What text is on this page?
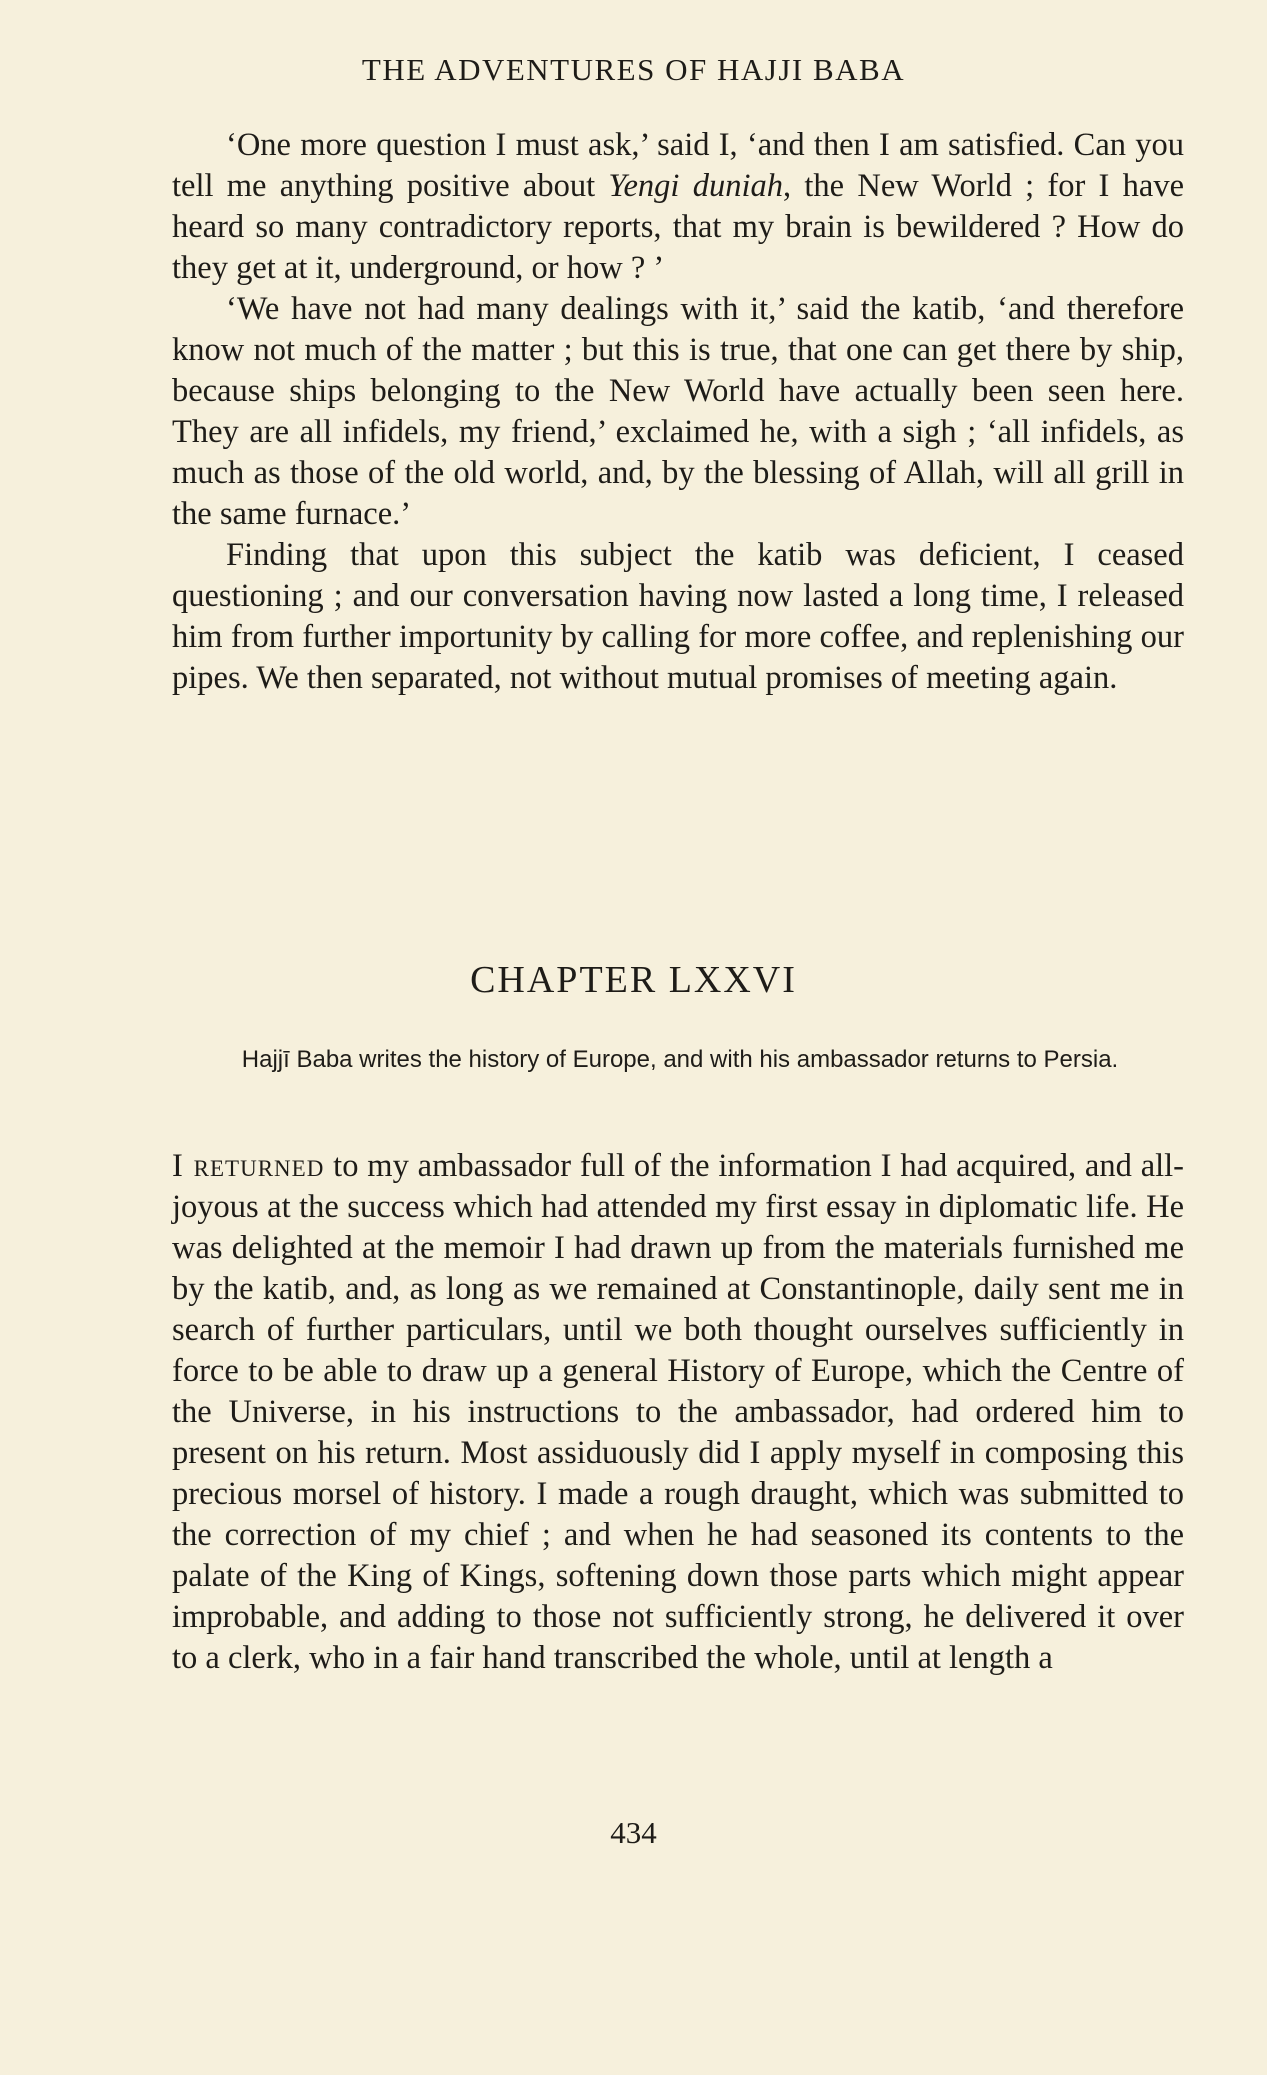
THE ADVENTURES OF HAJJI BABA

‘One more question I must ask,’ said I, ‘and then I am satisfied. Can you tell me anything positive about Yengi duniah, the New World ; for I have heard so many contradictory reports, that my brain is bewildered ? How do they get at it, underground, or how ? ’

‘We have not had many dealings with it,’ said the katib, ‘and therefore know not much of the matter ; but this is true, that one can get there by ship, because ships belonging to the New World have actually been seen here. They are all infidels, my friend,’ exclaimed he, with a sigh ; ‘all infidels, as much as those of the old world, and, by the blessing of Allah, will all grill in the same furnace.’

Finding that upon this subject the katib was deficient, I ceased questioning ; and our conversation having now lasted a long time, I released him from further importunity by calling for more coffee, and replenishing our pipes. We then separated, not without mutual promises of meeting again.

CHAPTER LXXVI
Hajjī Baba writes the history of Europe, and with his ambassador returns to Persia.

I returned to my ambassador full of the information I had acquired, and all-joyous at the success which had attended my first essay in diplomatic life. He was delighted at the memoir I had drawn up from the materials furnished me by the katib, and, as long as we remained at Constantinople, daily sent me in search of further particulars, until we both thought ourselves sufficiently in force to be able to draw up a general History of Europe, which the Centre of the Universe, in his instructions to the ambassador, had ordered him to present on his return. Most assiduously did I apply myself in composing this precious morsel of history. I made a rough draught, which was submitted to the correction of my chief ; and when he had seasoned its contents to the palate of the King of Kings, softening down those parts which might appear improbable, and adding to those not sufficiently strong, he delivered it over to a clerk, who in a fair hand transcribed the whole, until at length a

434
